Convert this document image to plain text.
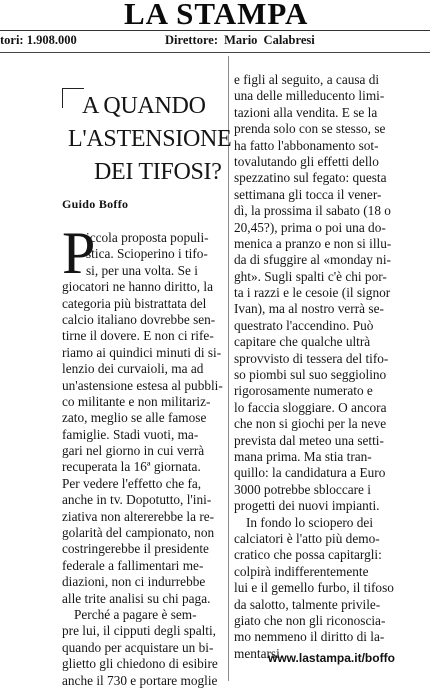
LA STAMPA
tori: 1.908.000	Direttore: Mario Calabresi
A QUANDO
L'ASTENSIONE
DEI TIFOSI?
Guido Boffo
P
iccola proposta populi-
stica. Scioperino i tifo-
si, per una volta. Se i
giocatori ne hanno diritto, la
categoria più bistrattata del
calcio italiano dovrebbe sen-
tirne il dovere. E non ci rife-
riamo ai quindici minuti di si-
lenzio dei curvaioli, ma ad
un'astensione estesa al pubbli-
co militante e non militariz-
zato, meglio se alle famose
famiglie. Stadi vuoti, ma-
gari nel giorno in cui verrà
recuperata la 16ª giornata.
Per vedere l'effetto che fa,
anche in tv. Dopotutto, l'ini-
ziativa non altererebbe la re-
golarità del campionato, non
costringerebbe il presidente
federale a fallimentari me-
diazioni, non ci indurrebbe
alle trite analisi su chi paga.
Perché a pagare è sem-
pre lui, il cipputi degli spalti,
quando per acquistare un bi-
glietto gli chiedono di esibire
anche il 730 e portare moglie
e figli al seguito, a causa di
una delle milleducento limi-
tazioni alla vendita. E se la
prenda solo con se stesso, se
ha fatto l'abbonamento sot-
tovalutando gli effetti dello
spezzatino sul fegato: questa
settimana gli tocca il vener-
dì, la prossima il sabato (18 o
20,45?), prima o poi una do-
menica a pranzo e non si illu-
da di sfuggire al «monday ni-
ght». Sugli spalti c'è chi por-
ta i razzi e le cesoie (il signor
Ivan), ma al nostro verrà se-
questrato l'accendino. Può
capitare che qualche ultrà
sprovvisto di tessera del tifo-
so piombi sul suo seggiolino
rigorosamente numerato e
lo faccia sloggiare. O ancora
che non si giochi per la neve
prevista dal meteo una setti-
mana prima. Ma stia tran-
quillo: la candidatura a Euro
3000 potrebbe sbloccare i
progetti dei nuovi impianti.
In fondo lo sciopero dei
calciatori è l'atto più demo-
cratico che possa capitargli:
colpirà indifferentemente
lui e il gemello furbo, il tifoso
da salotto, talmente privile-
giato che non gli riconoscia-
mo nemmeno il diritto di la-
mentarsi.
www.lastampa.it/boffo
